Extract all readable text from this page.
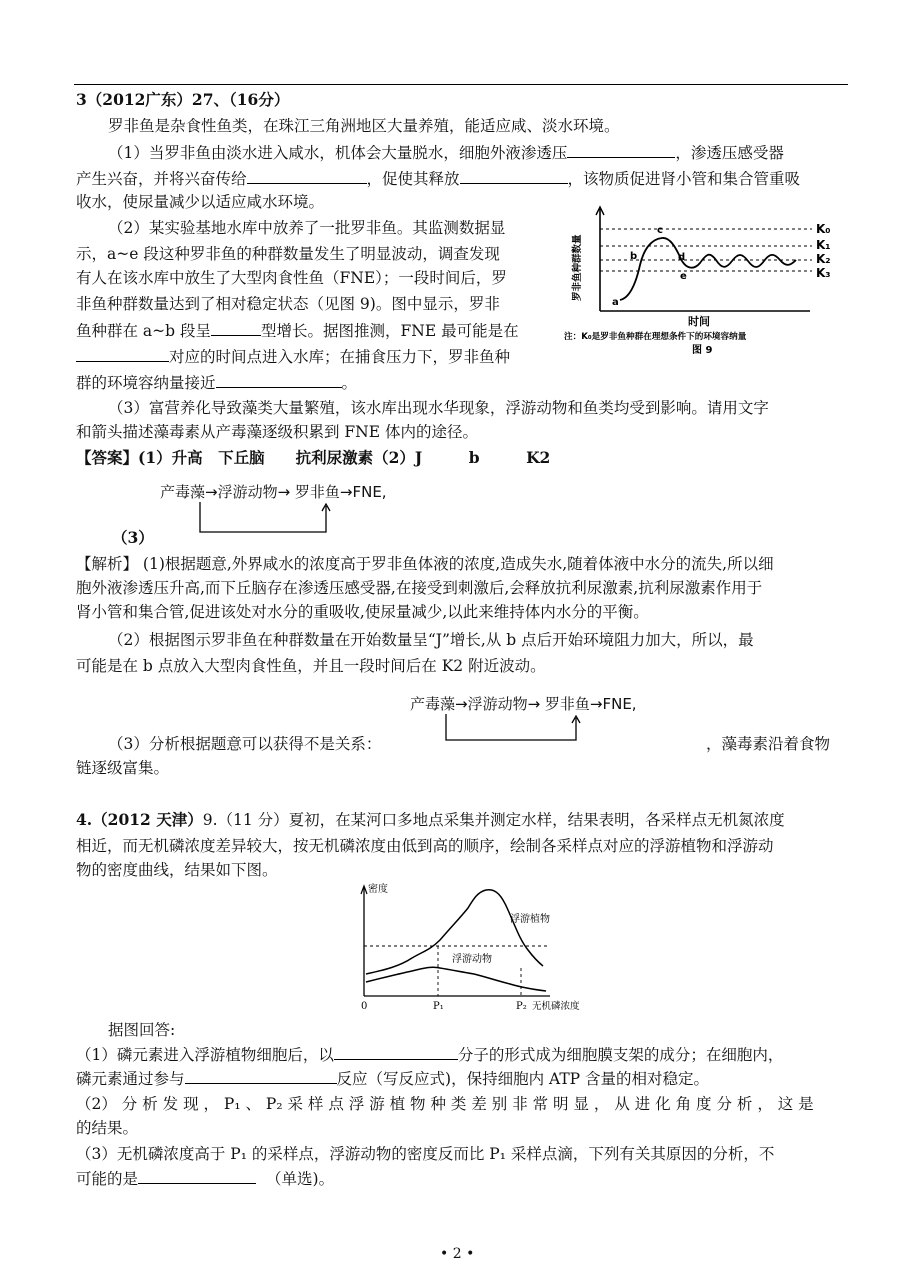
3（2012广东）27、（16分）
罗非鱼是杂食性鱼类，在珠江三角洲地区大量养殖，能适应咸、淡水环境。
（1）当罗非鱼由淡水进入咸水，机体会大量脱水，细胞外液渗透压	，渗透压感受器
产生兴奋，并将兴奋传给	，促使其释放	，该物质促进肾小管和集合管重吸
收水，使尿量减少以适应咸水环境。
（2）某实验基地水库中放养了一批罗非鱼。其监测数据显
示，a~e 段这种罗非鱼的种群数量发生了明显波动，调查发现
有人在该水库中放生了大型肉食性鱼（FNE）；一段时间后，罗
非鱼种群数量达到了相对稳定状态（见图 9)。图中显示，罗非
鱼种群在 a~b 段呈	型增长。据图推测，FNE 最可能是在
对应的时间点进入水库；在捕食压力下，罗非鱼种
群的环境容纳量接近	。
a
b
c
d
e
K₀
K₁
K₂
K₃
罗非鱼种群数量
时间
注：K₀是罗非鱼种群在理想条件下的环境容纳量
图 9
（3）富营养化导致藻类大量繁殖，该水库出现水华现象，浮游动物和鱼类均受到影响。请用文字
和箭头描述藻毒素从产毒藻逐级积累到 FNE 体内的途径。
【答案】(1）升高　下丘脑　　抗利尿激素（2）J　　　b　　　K2
产毒藻→浮游动物→ 罗非鱼→FNE,
（3）
【解析】 (1)根据题意,外界咸水的浓度高于罗非鱼体液的浓度,造成失水,随着体液中水分的流失,所以细
胞外液渗透压升高,而下丘脑存在渗透压感受器,在接受到刺激后,会释放抗利尿激素,抗利尿激素作用于
肾小管和集合管,促进该处对水分的重吸收,使尿量减少,以此来维持体内水分的平衡。
（2）根据图示罗非鱼在种群数量在开始数量呈“J”增长,从 b 点后开始环境阻力加大，所以，最
可能是在 b 点放入大型肉食性鱼，并且一段时间后在 K2 附近波动。
产毒藻→浮游动物→ 罗非鱼→FNE,
（3）分析根据题意可以获得不是关系：	，藻毒素沿着食物
链逐级富集。
4.（2012 天津）9.（11 分）夏初，在某河口多地点采集并测定水样，结果表明，各采样点无机氮浓度
相近，而无机磷浓度差异较大，按无机磷浓度由低到高的顺序，绘制各采样点对应的浮游植物和浮游动
物的密度曲线，结果如下图。
浮游植物
浮游动物
密度
0	P₁	P₂ 无机磷浓度
据图回答:
（1）磷元素进入浮游植物细胞后，以	分子的形式成为细胞膜支架的成分；在细胞内，
磷元素通过参与	反应（写反应式)，保持细胞内 ATP 含量的相对稳定。
（2） 分 析 发 现 ， P₁ 、 P₂ 采 样 点 浮 游 植 物 种 类 差 别 非 常 明 显 ， 从 进 化 角 度 分 析 ， 这 是
的结果。
（3）无机磷浓度高于 P₁ 的采样点，浮游动物的密度反而比 P₁ 采样点滴，下列有关其原因的分析，不
可能的是	（单选)。
• 2 •
